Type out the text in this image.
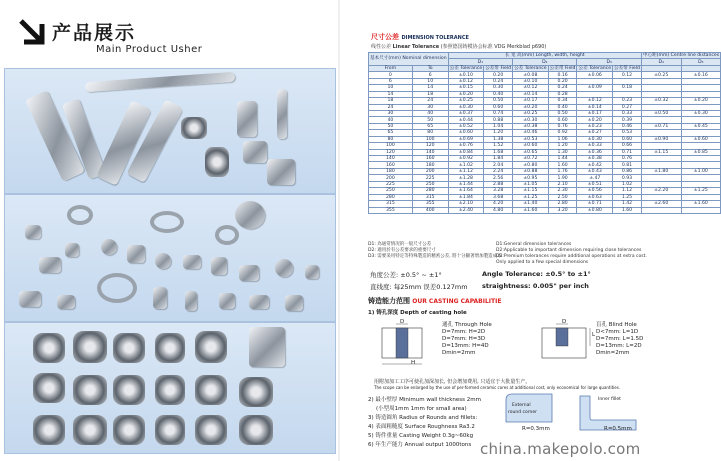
产品展示
Main Product Usher
尺寸公差 DIMENSION TOLERANCE
线性公差 Linear Tolerance (参照德国铸模协会标准 VDG Merkblad p690)
基本尺寸(mm) Nominal dimension		长 宽 高(mm) Length, width, height						中心距(mm) Centre line distances	
		D₁		D₂		D₃		D₄	D₅
From	To	公差 Tolerance	公差带 Field	公差 Tolerance	公差带 Field	公差 Tolerance	公差带 Field		
0	6	±0.10	0.20	±0.08	0.16	±0.06	0.12	±0.25	±0.16
6	10	±0.12	0.24	±0.10	0.20				
10	14	±0.15	0.30	±0.12	0.24	±0.09	0.18		
14	18	±0.20	0.40	±0.14	0.28				
18	24	±0.25	0.50	±0.17	0.34	±0.12	0.23	±0.32	±0.20
24	30	±0.30	0.60	±0.20	0.40	±0.14	0.27		
30	40	±0.37	0.74	±0.25	0.50	±0.17	0.33	±0.50	±0.30
40	50	±0.44	0.88	±0.30	0.60	±0.20	0.39		
50	65	±0.52	1.04	±0.38	0.76	±0.23	0.46	±0.71	±0.45
65	80	±0.60	1.20	±0.46	0.92	±0.27	0.53		
80	100	±0.69	1.38	±0.53	1.06	±0.30	0.60	±0.90	±0.60
100	120	±0.76	1.52	±0.60	1.20	±0.33	0.66		
120	140	±0.84	1.68	±0.65	1.30	±0.36	0.71	±1.15	±0.85
140	160	±0.92	1.84	±0.72	1.44	±0.38	0.76		
160	180	±1.02	2.04	±0.80	1.60	±0.42	0.81		
180	200	±1.12	2.24	±0.88	1.76	±0.43	0.86	±1.80	±1.00
200	225	±1.28	2.56	±0.95	1.90	±.47	0.93		
225	250	±1.44	2.88	±1.05	2.10	±0.51	1.02		
250	280	±1.64	3.28	±1.15	2.30	±0.56	1.12	±2.20	±1.25
280	315	±1.84	3.68	±1.25	2.50	±0.63	1.25		
315	355	±2.10	4.20	±1.40	2.80	±0.71	1.42	±2.60	±1.60
355	400	±2.40	4.80	±1.60	3.20	±0.80	1.60		
D1: 為通常情况的一般尺寸公差
D2: 適用於有公差要求的重要尺寸
D3: 需要采用特定等特殊製造的精密公差, 將十分顯著增加製造成本
D1:General dimension tolerances
D2:Applicable to important dimension requiring close tolerances
D3:Premium tolerances require additional operations at extra cost.
Only applied to a few special dimensions
角度公差: ±0.5° ~ ±1°
直线度: 每25mm 误差0.127mm
Angle Tolerance: ±0.5° to ±1°
straightness: 0.005" per inch
铸造能力范围 OUR CASTING CAPABILITIE
1) 铸孔深度 Depth of casting hole
D
H
通孔 Through Hole
D=7mm: H=2D
D=7mm: H=3D
D=13mm: H=4D
Dmin=2mm
D
L
盲孔 Blind Hole
D<7mm: L=1D
D=7mm: L=1.5D
D=13mm: L=2D
Dmin=2mm
用附加加工工序可使孔加深加长, 但会增加费用, 只适宜于大批量生产。
The scope can be enlarged by the use of per-formed ceramic cores at additional cost, only economical for large quantities.
2) 最小壁厚 Minimum wall thickness 2mm
(小型周1mm 1mm for small area)
3) 铸造圆角 Radius of Rounds and fillets:
4) 表面粗糙度 Surface Roughness Ra3.2
5) 铸件重量 Casting Weight 0.3g~60kg
6) 年生产能力 Annual output 1000tons
External
round corner
R=0.3mm
Inner fillet
R=0.5mm
china.makepolo.com
